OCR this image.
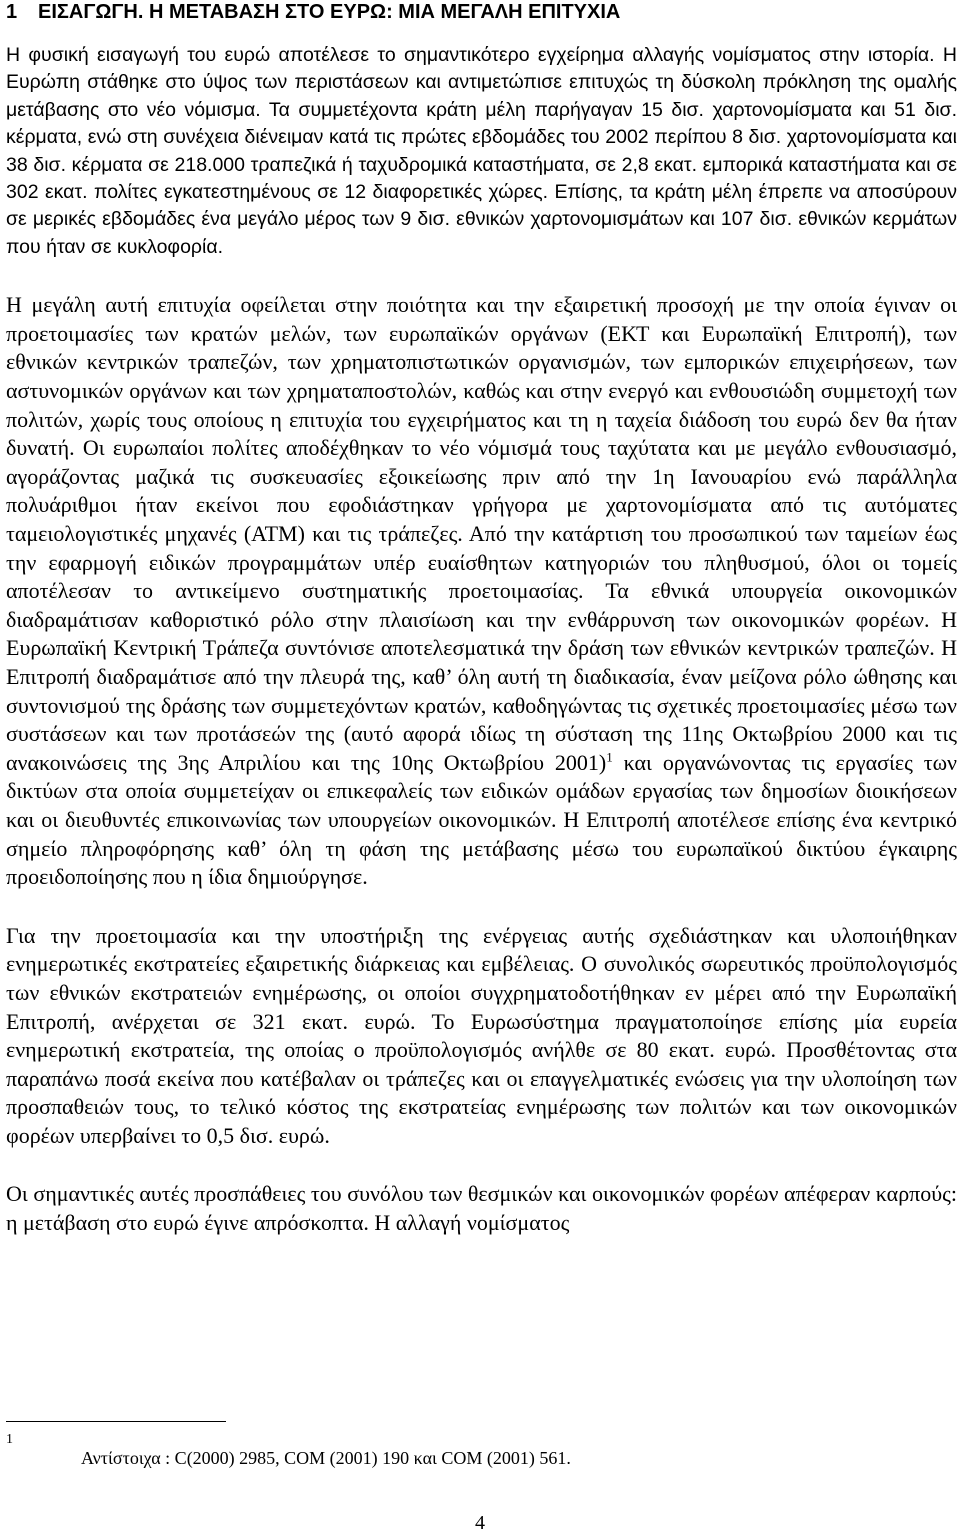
1 ΕΙΣΑΓΩΓΗ. Η ΜΕΤΑΒΑΣΗ ΣΤΟ ΕΥΡΩ: ΜΙΑ ΜΕΓΑΛΗ ΕΠΙΤΥΧΙΑ

Η φυσική εισαγωγή του ευρώ αποτέλεσε το σημαντικότερο εγχείρημα αλλαγής νομίσματος στην ιστορία. Η Ευρώπη στάθηκε στο ύψος των περιστάσεων και αντιμετώπισε επιτυχώς τη δύσκολη πρόκληση της ομαλής μετάβασης στο νέο νόμισμα. Τα συμμετέχοντα κράτη μέλη παρήγαγαν 15 δισ. χαρτονομίσματα και 51 δισ. κέρματα, ενώ στη συνέχεια διένειμαν κατά τις πρώτες εβδομάδες του 2002 περίπου 8 δισ. χαρτονομίσματα και 38 δισ. κέρματα σε 218.000 τραπεζικά ή ταχυδρομικά καταστήματα, σε 2,8 εκατ. εμπορικά καταστήματα και σε 302 εκατ. πολίτες εγκατεστημένους σε 12 διαφορετικές χώρες. Επίσης, τα κράτη μέλη έπρεπε να αποσύρουν σε μερικές εβδομάδες ένα μεγάλο μέρος των 9 δισ. εθνικών χαρτονομισμάτων και 107 δισ. εθνικών κερμάτων που ήταν σε κυκλοφορία.

Η μεγάλη αυτή επιτυχία οφείλεται στην ποιότητα και την εξαιρετική προσοχή με την οποία έγιναν οι προετοιμασίες των κρατών μελών, των ευρωπαϊκών οργάνων (ΕΚΤ και Ευρωπαϊκή Επιτροπή), των εθνικών κεντρικών τραπεζών, των χρηματοπιστωτικών οργανισμών, των εμπορικών επιχειρήσεων, των αστυνομικών οργάνων και των χρηματαποστολών, καθώς και στην ενεργό και ενθουσιώδη συμμετοχή των πολιτών, χωρίς τους οποίους η επιτυχία του εγχειρήματος και τη η ταχεία διάδοση του ευρώ δεν θα ήταν δυνατή. Οι ευρωπαίοι πολίτες αποδέχθηκαν το νέο νόμισμά τους ταχύτατα και με μεγάλο ενθουσιασμό, αγοράζοντας μαζικά τις συσκευασίες εξοικείωσης πριν από την 1η Ιανουαρίου ενώ παράλληλα πολυάριθμοι ήταν εκείνοι που εφοδιάστηκαν γρήγορα με χαρτονομίσματα από τις αυτόματες ταμειολογιστικές μηχανές (ΑΤΜ) και τις τράπεζες. Από την κατάρτιση του προσωπικού των ταμείων έως την εφαρμογή ειδικών προγραμμάτων υπέρ ευαίσθητων κατηγοριών του πληθυσμού, όλοι οι τομείς αποτέλεσαν το αντικείμενο συστηματικής προετοιμασίας. Τα εθνικά υπουργεία οικονομικών διαδραμάτισαν καθοριστικό ρόλο στην πλαισίωση και την ενθάρρυνση των οικονομικών φορέων. Η Ευρωπαϊκή Κεντρική Τράπεζα συντόνισε αποτελεσματικά την δράση των εθνικών κεντρικών τραπεζών. Η Επιτροπή διαδραμάτισε από την πλευρά της, καθ’ όλη αυτή τη διαδικασία, έναν μείζονα ρόλο ώθησης και συντονισμού της δράσης των συμμετεχόντων κρατών, καθοδηγώντας τις σχετικές προετοιμασίες μέσω των συστάσεων και των προτάσεών της (αυτό αφορά ιδίως τη σύσταση της 11ης Οκτωβρίου 2000 και τις ανακοινώσεις της 3ης Απριλίου και της 10ης Οκτωβρίου 2001)$^1$ και οργανώνοντας τις εργασίες των δικτύων στα οποία συμμετείχαν οι επικεφαλείς των ειδικών ομάδων εργασίας των δημοσίων διοικήσεων και οι διευθυντές επικοινωνίας των υπουργείων οικονομικών. Η Επιτροπή αποτέλεσε επίσης ένα κεντρικό σημείο πληροφόρησης καθ’ όλη τη φάση της μετάβασης μέσω του ευρωπαϊκού δικτύου έγκαιρης προειδοποίησης που η ίδια δημιούργησε.

Για την προετοιμασία και την υποστήριξη της ενέργειας αυτής σχεδιάστηκαν και υλοποιήθηκαν ενημερωτικές εκστρατείες εξαιρετικής διάρκειας και εμβέλειας. Ο συνολικός σωρευτικός προϋπολογισμός των εθνικών εκστρατειών ενημέρωσης, οι οποίοι συγχρηματοδοτήθηκαν εν μέρει από την Ευρωπαϊκή Επιτροπή, ανέρχεται σε 321 εκατ. ευρώ. Το Ευρωσύστημα πραγματοποίησε επίσης μία ευρεία ενημερωτική εκστρατεία, της οποίας ο προϋπολογισμός ανήλθε σε 80 εκατ. ευρώ. Προσθέτοντας στα παραπάνω ποσά εκείνα που κατέβαλαν οι τράπεζες και οι επαγγελματικές ενώσεις για την υλοποίηση των προσπαθειών τους, το τελικό κόστος της εκστρατείας ενημέρωσης των πολιτών και των οικονομικών φορέων υπερβαίνει το 0,5 δισ. ευρώ.

Οι σημαντικές αυτές προσπάθειες του συνόλου των θεσμικών και οικονομικών φορέων απέφεραν καρπούς: η μετάβαση στο ευρώ έγινε απρόσκοπτα. Η αλλαγή νομίσματος

1
Αντίστοιχα : C(2000) 2985, COM (2001) 190 και COM (2001) 561.
4
